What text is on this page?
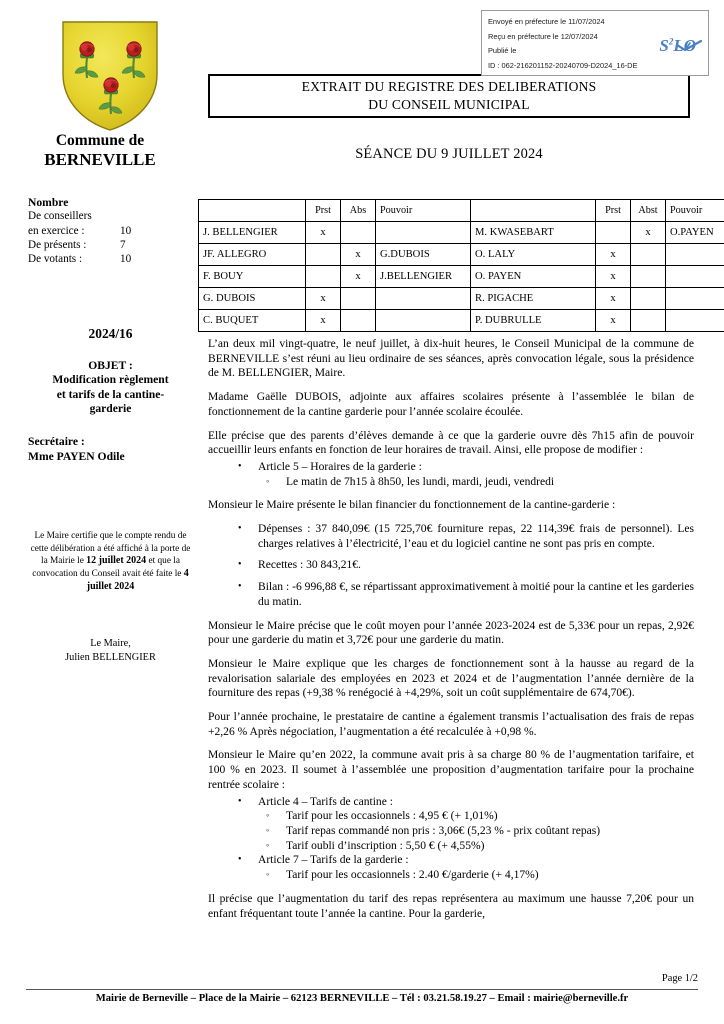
Envoyé en préfecture le 11/07/2024
Reçu en préfecture le 12/07/2024
Publié le
ID : 062-216201152-20240709-D2024_16-DE
$S^2LO$
Commune de
BERNEVILLE
EXTRAIT DU REGISTRE DES DELIBERATIONS
DU CONSEIL MUNICIPAL
SÉANCE DU 9 JUILLET 2024
Nombre
De conseillers
en exercice :	10
De présents :	7
De votants :	10
2024/16
OBJET :
Modification règlement
et tarifs de la cantine-
garderie
Secrétaire :
Mme PAYEN Odile
Le Maire certifie que le compte rendu de cette délibération a été affiché à la porte de la Mairie le 12 juillet 2024 et que la convocation du Conseil avait été faite le 4 juillet 2024
Le Maire,
Julien BELLENGIER
	Prst	Abs	Pouvoir		Prst	Abst	Pouvoir
J. BELLENGIER	x			M. KWASEBART		x	O.PAYEN
JF. ALLEGRO		x	G.DUBOIS	O. LALY	x		
F. BOUY		x	J.BELLENGIER	O. PAYEN	x		
G. DUBOIS	x			R. PIGACHE	x		
C. BUQUET	x			P. DUBRULLE	x		

L’an deux mil vingt-quatre, le neuf juillet, à dix-huit heures, le Conseil Municipal de la commune de BERNEVILLE s’est réuni au lieu ordinaire de ses séances, après convocation légale, sous la présidence de M. BELLENGIER, Maire.

Madame Gaëlle DUBOIS, adjointe aux affaires scolaires présente à l’assemblée le bilan de fonctionnement de la cantine garderie pour l’année scolaire écoulée.

Elle précise que des parents d’élèves demande à ce que la garderie ouvre dès 7h15 afin de pouvoir accueillir leurs enfants en fonction de leur horaires de travail. Ainsi, elle propose de modifier :

• Article 5 – Horaires de la garderie :
◦ Le matin de 7h15 à 8h50, les lundi, mardi, jeudi, vendredi

Monsieur le Maire présente le bilan financier du fonctionnement de la cantine-garderie :

• Dépenses : 37 840,09€ (15 725,70€ fourniture repas, 22 114,39€ frais de personnel). Les charges relatives à l’électricité, l’eau et du logiciel cantine ne sont pas pris en compte.
• Recettes : 30 843,21€.
• Bilan : -6 996,88 €, se répartissant approximativement à moitié pour la cantine et les garderies du matin.

Monsieur le Maire précise que le coût moyen pour l’année 2023-2024 est de 5,33€ pour un repas, 2,92€ pour une garderie du matin et 3,72€ pour une garderie du matin.

Monsieur le Maire explique que les charges de fonctionnement sont à la hausse au regard de la revalorisation salariale des employées en 2023 et 2024 et de l’augmentation l’année dernière de la fourniture des repas (+9,38 % renégocié à +4,29%, soit un coût supplémentaire de 674,70€).

Pour l’année prochaine, le prestataire de cantine a également transmis l’actualisation des frais de repas +2,26 % Après négociation, l’augmentation a été recalculée à +0,98 %.

Monsieur le Maire qu’en 2022, la commune avait pris à sa charge 80 % de l’augmentation tarifaire, et 100 % en 2023. Il soumet à l’assemblée une proposition d’augmentation tarifaire pour la prochaine rentrée scolaire :

• Article 4 – Tarifs de cantine :
◦ Tarif pour les occasionnels : 4,95 € (+ 1,01%)
◦ Tarif repas commandé non pris : 3,06€ (5,23 % - prix coûtant repas)
◦ Tarif oubli d’inscription : 5,50 € (+ 4,55%)
• Article 7 – Tarifs de la garderie :
◦ Tarif pour les occasionnels : 2.40 €/garderie (+ 4,17%)

Il précise que l’augmentation du tarif des repas représentera au maximum une hausse 7,20€ pour un enfant fréquentant toute l’année la cantine. Pour la garderie,

Page 1/2
Mairie de Berneville – Place de la Mairie – 62123 BERNEVILLE – Tél : 03.21.58.19.27 – Email : mairie@berneville.fr
